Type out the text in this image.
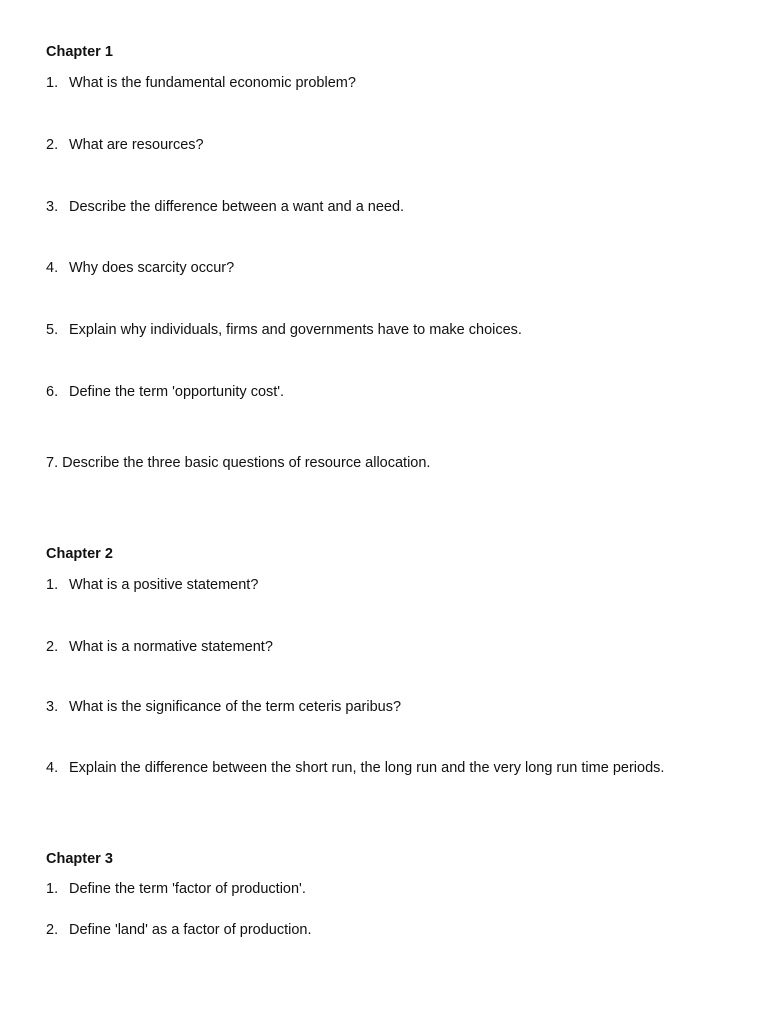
Chapter 1
1. What is the fundamental economic problem?
2. What are resources?
3. Describe the difference between a want and a need.
4. Why does scarcity occur?
5. Explain why individuals, firms and governments have to make choices.
6. Define the term 'opportunity cost'.
7. Describe the three basic questions of resource allocation.
Chapter 2
1. What is a positive statement?
2. What is a normative statement?
3. What is the significance of the term ceteris paribus?
4. Explain the difference between the short run, the long run and the very long run time periods.
Chapter 3
1. Define the term 'factor of production'.
2. Define 'land' as a factor of production.
